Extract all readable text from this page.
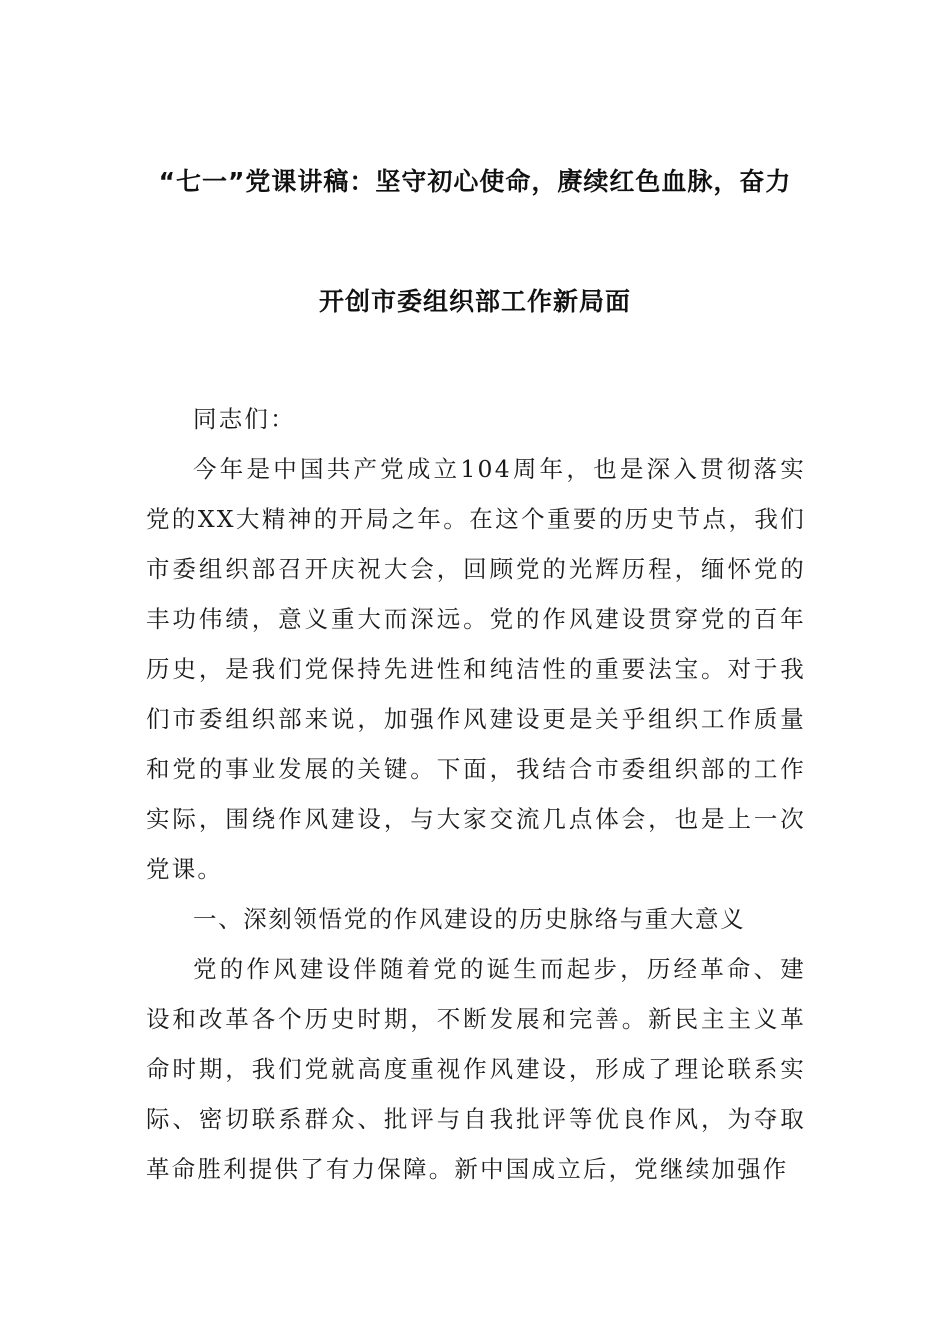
“七一”党课讲稿：坚守初心使命，赓续红色血脉，奋力
开创市委组织部工作新局面

同志们：

今年是中国共产党成立104周年，也是深入贯彻落实党的XX大精神的开局之年。在这个重要的历史节点，我们市委组织部召开庆祝大会，回顾党的光辉历程，缅怀党的丰功伟绩，意义重大而深远。党的作风建设贯穿党的百年历史，是我们党保持先进性和纯洁性的重要法宝。对于我们市委组织部来说，加强作风建设更是关乎组织工作质量和党的事业发展的关键。下面，我结合市委组织部的工作实际，围绕作风建设，与大家交流几点体会，也是上一次党课。

一、深刻领悟党的作风建设的历史脉络与重大意义

党的作风建设伴随着党的诞生而起步，历经革命、建设和改革各个历史时期，不断发展和完善。新民主主义革命时期，我们党就高度重视作风建设，形成了理论联系实际、密切联系群众、批评与自我批评等优良作风，为夺取革命胜利提供了有力保障。新中国成立后，党继续加强作
